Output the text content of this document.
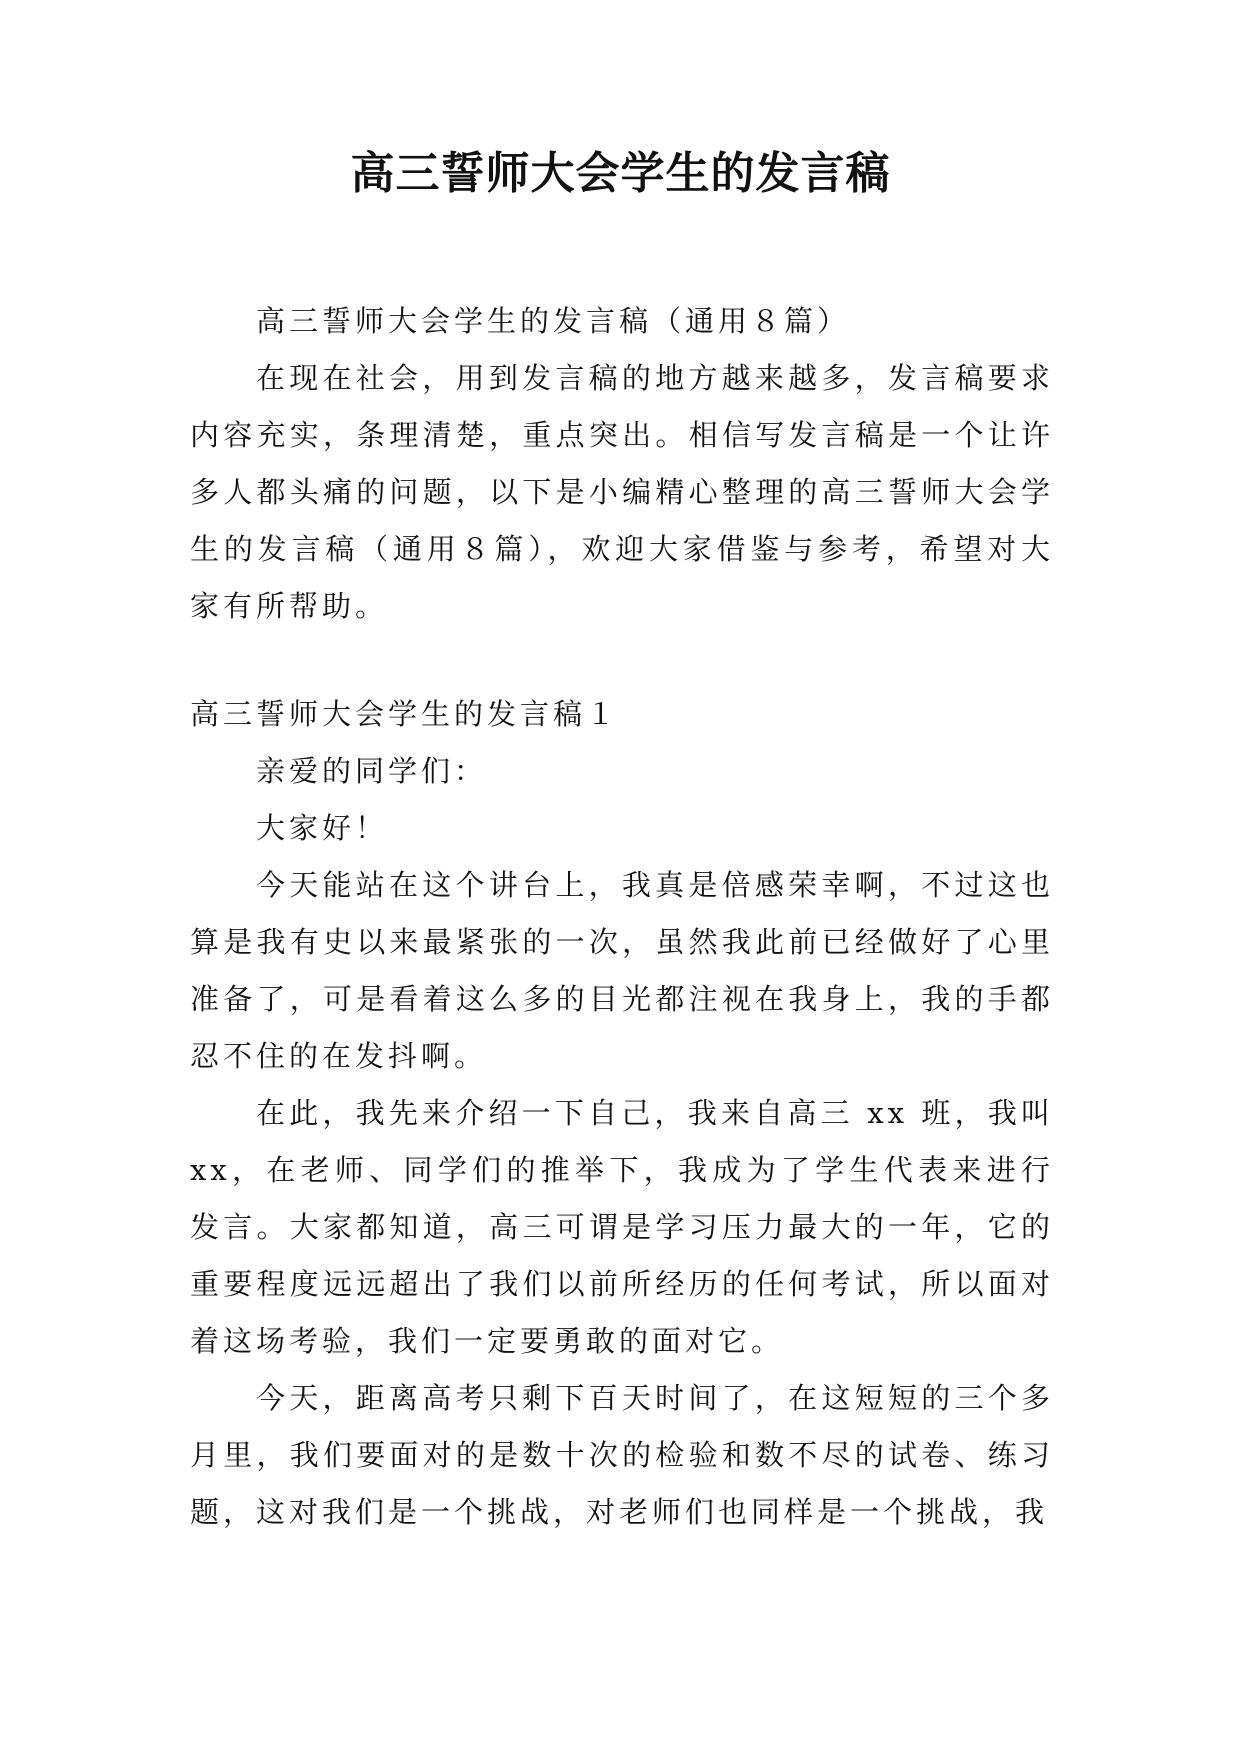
高三誓师大会学生的发言稿

高三誓师大会学生的发言稿（通用８篇）

在现在社会，用到发言稿的地方越来越多，发言稿要求内容充实，条理清楚，重点突出。相信写发言稿是一个让许多人都头痛的问题，以下是小编精心整理的高三誓师大会学生的发言稿（通用８篇），欢迎大家借鉴与参考，希望对大家有所帮助。

高三誓师大会学生的发言稿１

亲爱的同学们：

大家好！

今天能站在这个讲台上，我真是倍感荣幸啊，不过这也算是我有史以来最紧张的一次，虽然我此前已经做好了心里准备了，可是看着这么多的目光都注视在我身上，我的手都忍不住的在发抖啊。

在此，我先来介绍一下自己，我来自高三 xx 班，我叫 xx，在老师、同学们的推举下，我成为了学生代表来进行发言。大家都知道，高三可谓是学习压力最大的一年，它的重要程度远远超出了我们以前所经历的任何考试，所以面对着这场考验，我们一定要勇敢的面对它。

今天，距离高考只剩下百天时间了，在这短短的三个多月里，我们要面对的是数十次的检验和数不尽的试卷、练习题，这对我们是一个挑战，对老师们也同样是一个挑战，我
